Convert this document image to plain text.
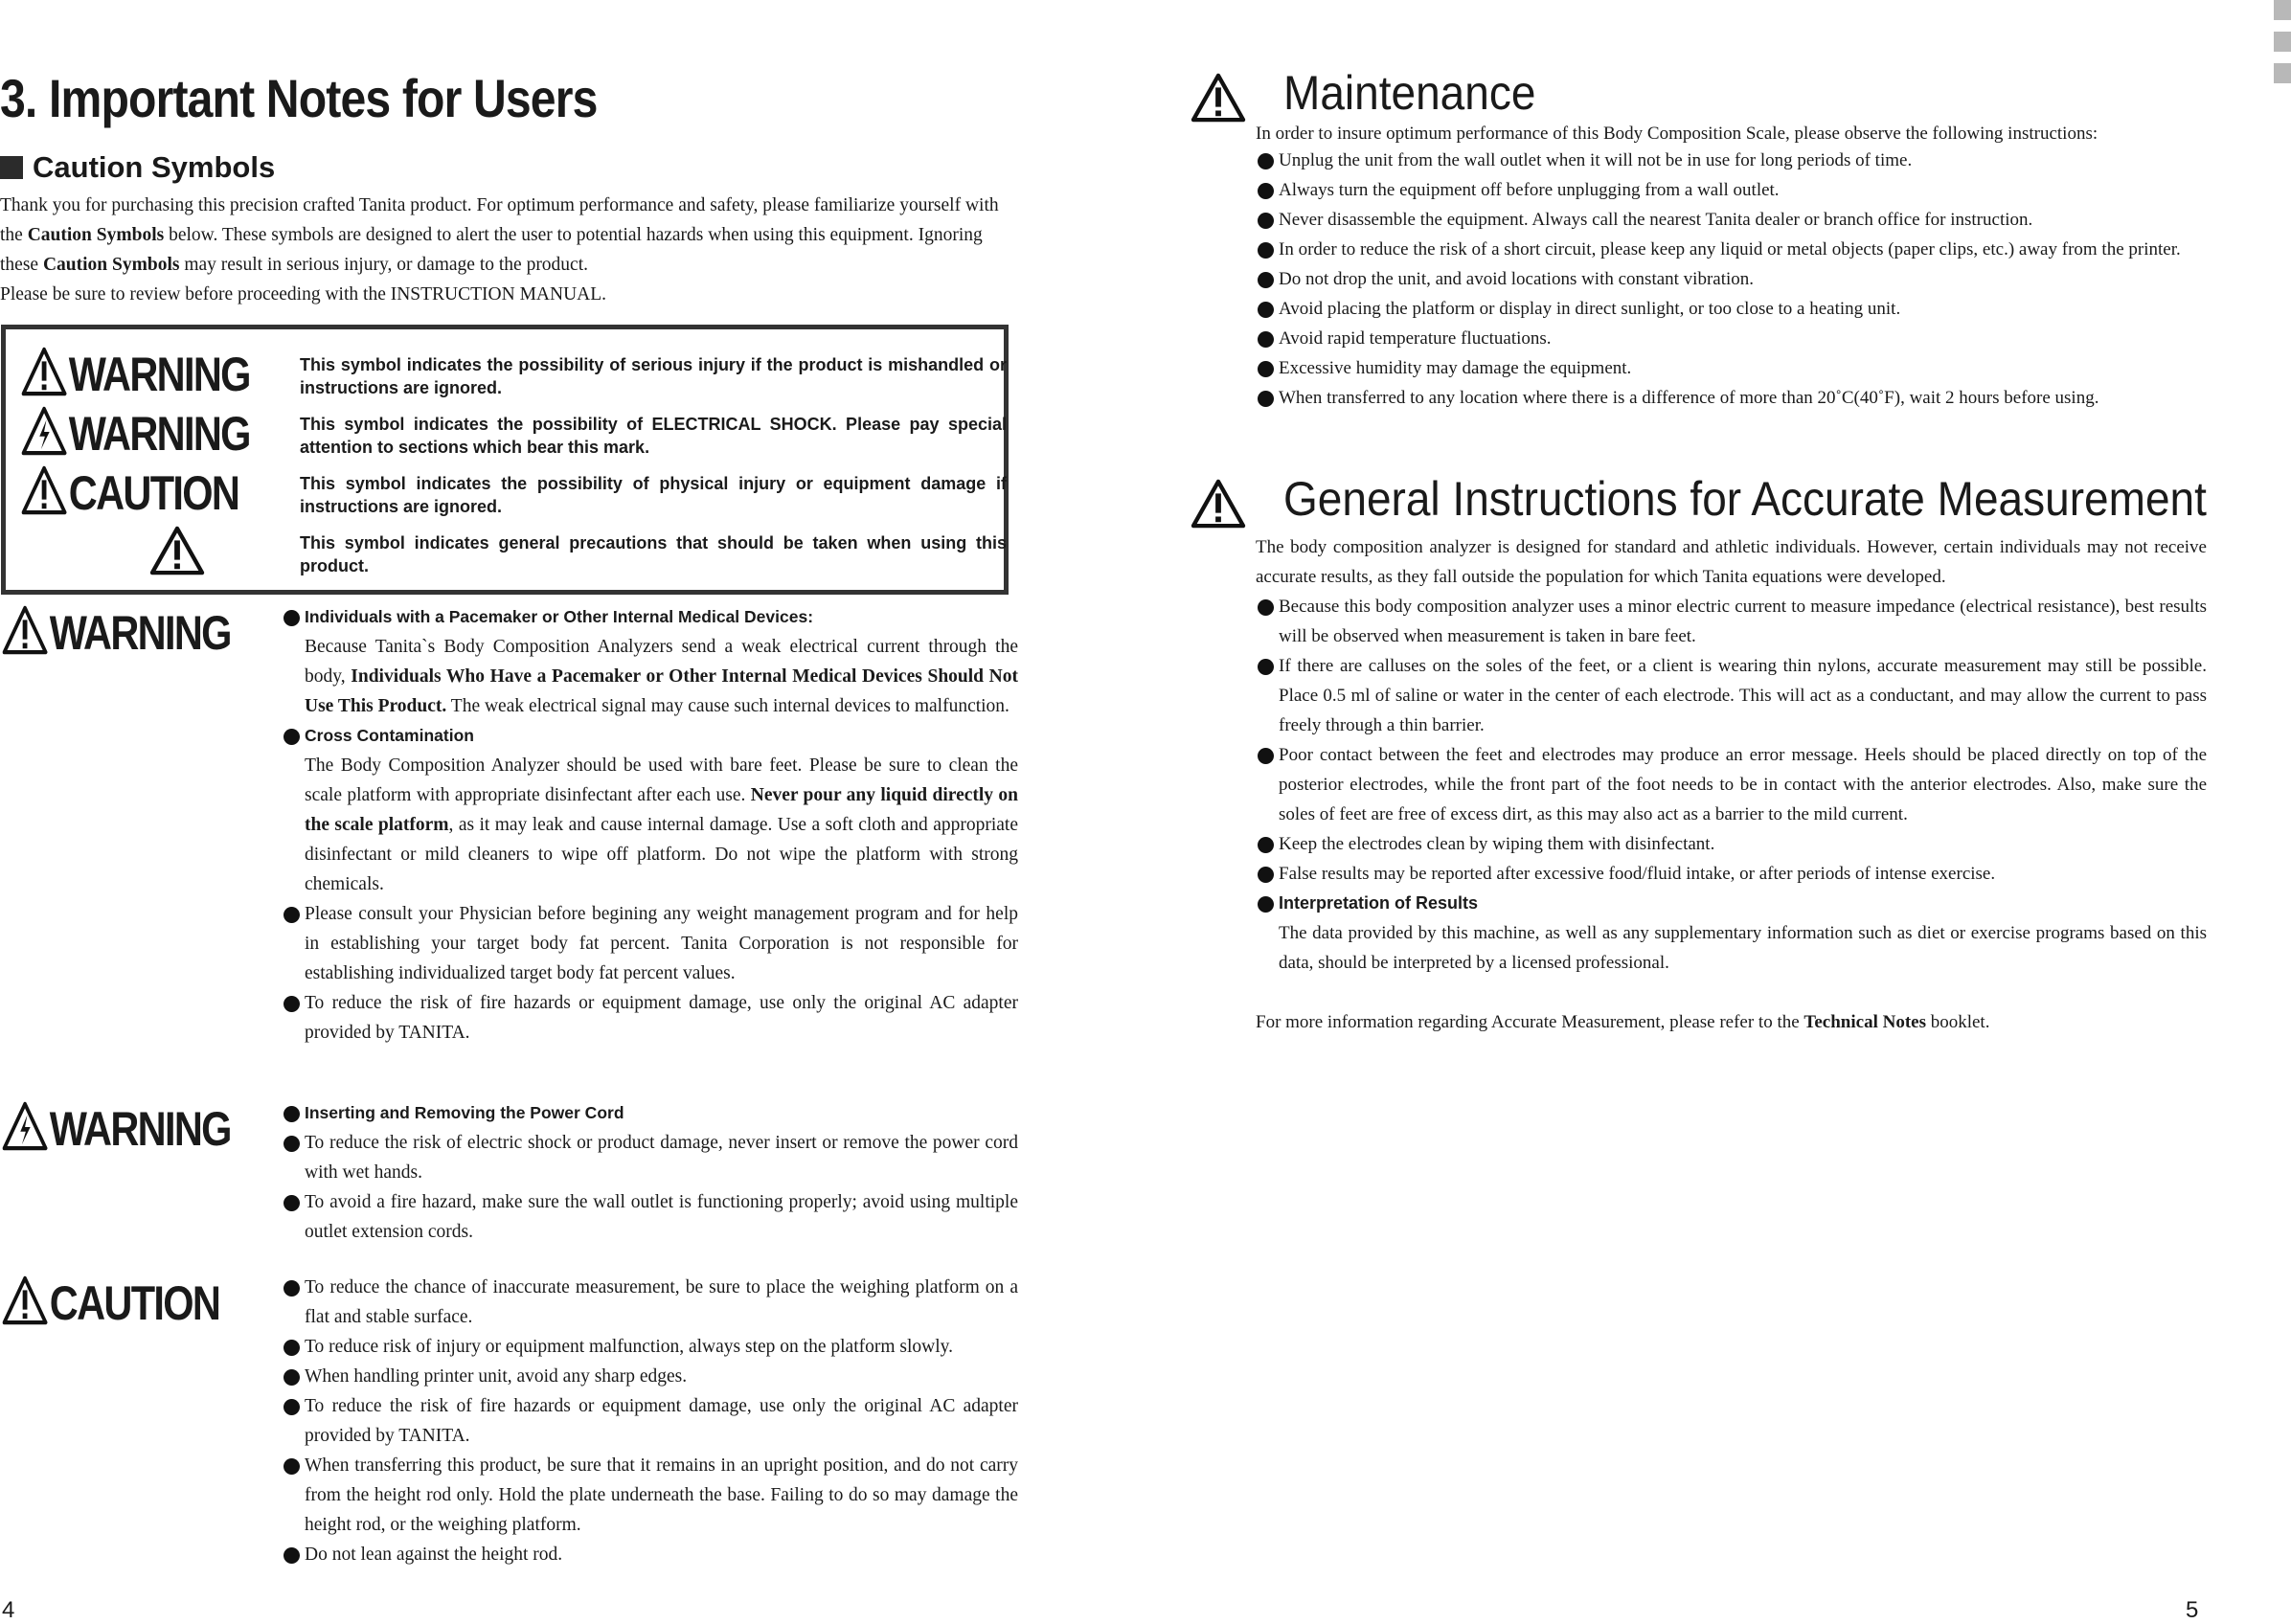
3. Important Notes for Users
Caution Symbols

Thank you for purchasing this precision crafted Tanita product. For optimum performance and safety, please familiarize yourself with the Caution Symbols below. These symbols are designed to alert the user to potential hazards when using this equipment. Ignoring these Caution Symbols may result in serious injury, or damage to the product.

Please be sure to review before proceeding with the INSTRUCTION MANUAL.

WARNING	This symbol indicates the possibility of serious injury if the product is mishandled or instructions are ignored.
WARNING	This symbol indicates the possibility of ELECTRICAL SHOCK. Please pay special attention to sections which bear this mark.
CAUTION	This symbol indicates the possibility of physical injury or equipment damage if instructions are ignored.
This symbol indicates general precautions that should be taken when using this product.
WARNING	Individuals with a Pacemaker or Other Internal Medical Devices:
Because Tanita`s Body Composition Analyzers send a weak electrical current through the body, Individuals Who Have a Pacemaker or Other Internal Medical Devices Should Not Use This Product. The weak electrical signal may cause such internal devices to malfunction.
Cross Contamination
The Body Composition Analyzer should be used with bare feet. Please be sure to clean the scale platform with appropriate disinfectant after each use. Never pour any liquid directly on the scale platform, as it may leak and cause internal damage. Use a soft cloth and appropriate disinfectant or mild cleaners to wipe off platform. Do not wipe the platform with strong chemicals.
Please consult your Physician before begining any weight management program and for help in establishing your target body fat percent. Tanita Corporation is not responsible for establishing individualized target body fat percent values.
To reduce the risk of fire hazards or equipment damage, use only the original AC adapter provided by TANITA.
WARNING	Inserting and Removing the Power Cord
To reduce the risk of electric shock or product damage, never insert or remove the power cord with wet hands.
To avoid a fire hazard, make sure the wall outlet is functioning properly; avoid using multiple outlet extension cords.
CAUTION	To reduce the chance of inaccurate measurement, be sure to place the weighing platform on a flat and stable surface.
To reduce risk of injury or equipment malfunction, always step on the platform slowly.
When handling printer unit, avoid any sharp edges.
To reduce the risk of fire hazards or equipment damage, use only the original AC adapter provided by TANITA.
When transferring this product, be sure that it remains in an upright position, and do not carry from the height rod only. Hold the plate underneath the base. Failing to do so may damage the height rod, or the weighing platform.
Do not lean against the height rod.
4
Maintenance

In order to insure optimum performance of this Body Composition Scale, please observe the following instructions:

Unplug the unit from the wall outlet when it will not be in use for long periods of time.
Always turn the equipment off before unplugging from a wall outlet.
Never disassemble the equipment. Always call the nearest Tanita dealer or branch office for instruction.
In order to reduce the risk of a short circuit, please keep any liquid or metal objects (paper clips, etc.) away from the printer.
Do not drop the unit, and avoid locations with constant vibration.
Avoid placing the platform or display in direct sunlight, or too close to a heating unit.
Avoid rapid temperature fluctuations.
Excessive humidity may damage the equipment.
When transferred to any location where there is a difference of more than 20˚C(40˚F), wait 2 hours before using.
General Instructions for Accurate Measurement

The body composition analyzer is designed for standard and athletic individuals. However, certain individuals may not receive accurate results, as they fall outside the population for which Tanita equations were developed.

Because this body composition analyzer uses a minor electric current to measure impedance (electrical resistance), best results will be observed when measurement is taken in bare feet.
If there are calluses on the soles of the feet, or a client is wearing thin nylons, accurate measurement may still be possible. Place 0.5 ml of saline or water in the center of each electrode. This will act as a conductant, and may allow the current to pass freely through a thin barrier.
Poor contact between the feet and electrodes may produce an error message. Heels should be placed directly on top of the posterior electrodes, while the front part of the foot needs to be in contact with the anterior electrodes. Also, make sure the soles of feet are free of excess dirt, as this may also act as a barrier to the mild current.
Keep the electrodes clean by wiping them with disinfectant.
False results may be reported after excessive food/fluid intake, or after periods of intense exercise.
Interpretation of Results
The data provided by this machine, as well as any supplementary information such as diet or exercise programs based on this data, should be interpreted by a licensed professional.

For more information regarding Accurate Measurement, please refer to the Technical Notes booklet.

5
